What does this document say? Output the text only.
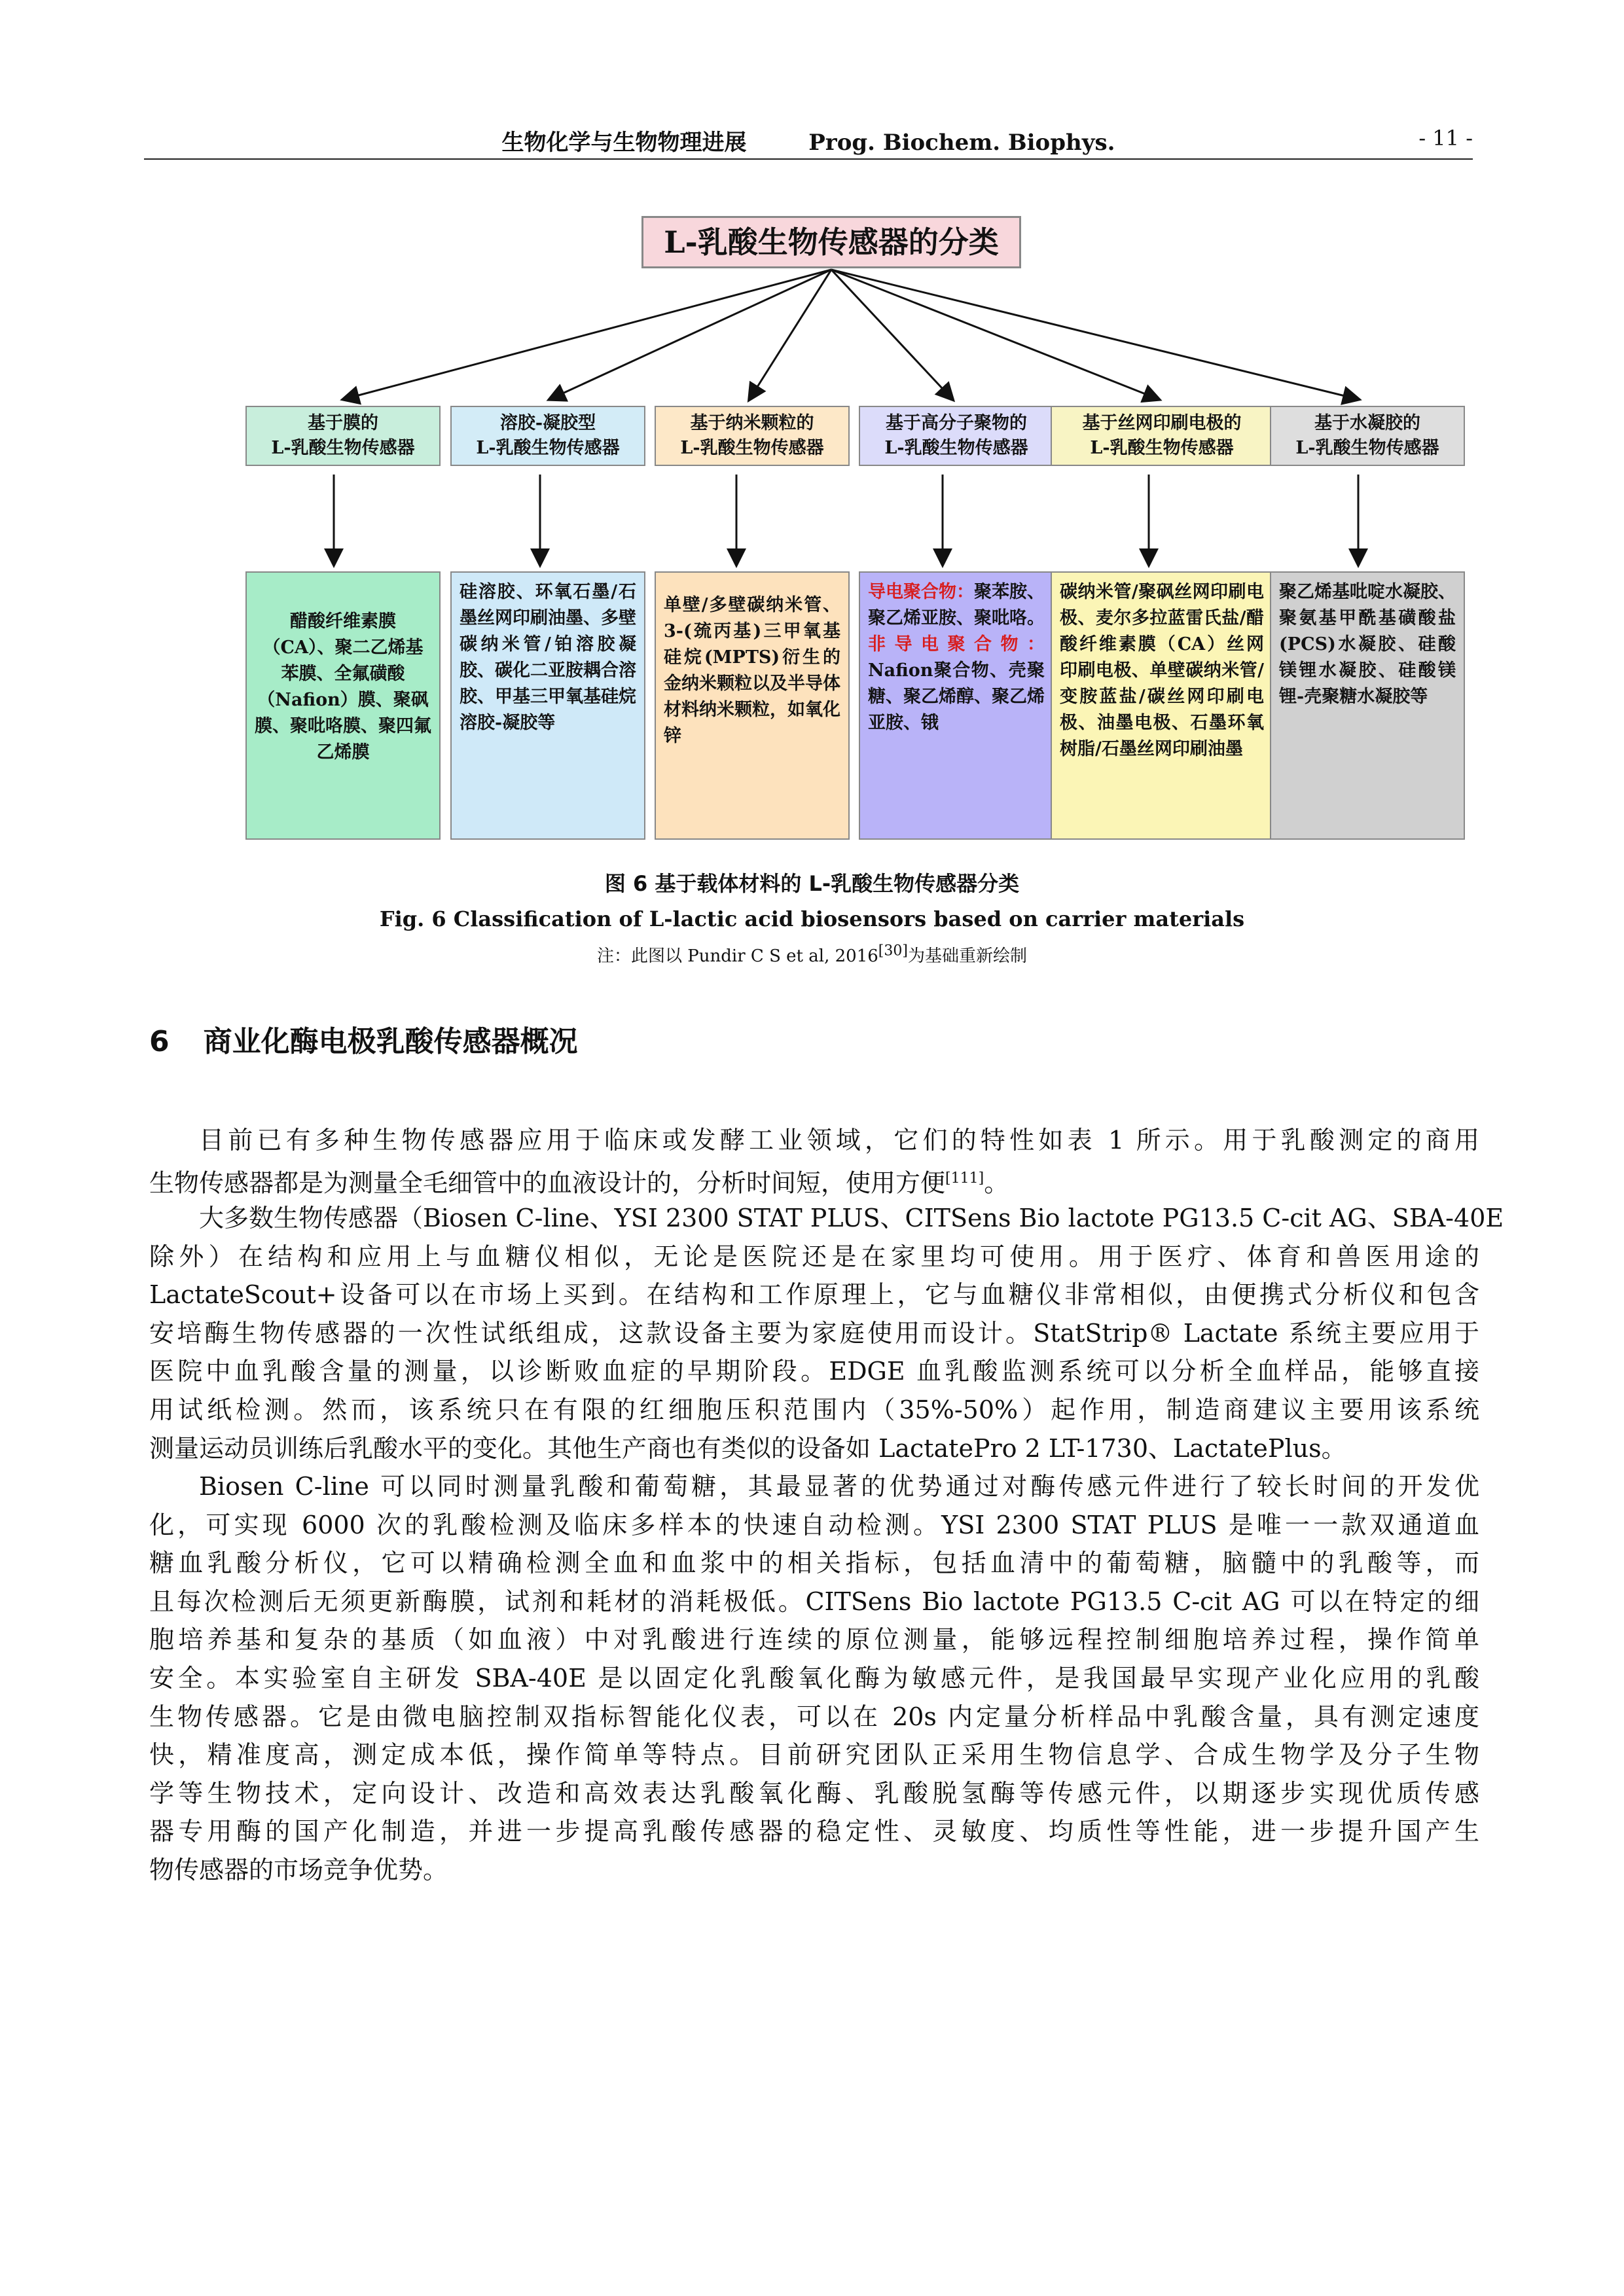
生物化学与生物物理进展        Prog. Biochem. Biophys.	- 11 -
L-乳酸生物传感器的分类
基于膜的
L-乳酸生物传感器
溶胶-凝胶型
L-乳酸生物传感器
基于纳米颗粒的
L-乳酸生物传感器
基于高分子聚物的
L-乳酸生物传感器
基于丝网印刷电极的
L-乳酸生物传感器
基于水凝胶的
L-乳酸生物传感器
醋酸纤维素膜（CA）、聚二乙烯基苯膜、全氟磺酸（Nafion）膜、聚砜膜、聚吡咯膜、聚四氟乙烯膜
硅溶胶、环氧石墨/石墨丝网印刷油墨、多壁碳纳米管/铂溶胶凝胶、碳化二亚胺耦合溶胶、甲基三甲氧基硅烷溶胶-凝胶等
单壁/多壁碳纳米管、3-(巯丙基)三甲氧基硅烷(MPTS)衍生的金纳米颗粒以及半导体材料纳米颗粒，如氧化锌
导电聚合物：聚苯胺、聚乙烯亚胺、聚吡咯。
非导电聚合物：Nafion聚合物、壳聚糖、聚乙烯醇、聚乙烯亚胺、锇
碳纳米管/聚砜丝网印刷电极、麦尔多拉蓝雷氏盐/醋酸纤维素膜（CA）丝网印刷电极、单壁碳纳米管/变胺蓝盐/碳丝网印刷电极、油墨电极、石墨环氧树脂/石墨丝网印刷油墨
聚乙烯基吡啶水凝胶、聚氨基甲酰基磺酸盐(PCS)水凝胶、硅酸镁锂水凝胶、硅酸镁锂-壳聚糖水凝胶等
图 6 基于载体材料的 L-乳酸生物传感器分类
Fig. 6 Classification of L-lactic acid biosensors based on carrier materials
注：此图以 Pundir C S et al, 2016[30]为基础重新绘制
6 商业化酶电极乳酸传感器概况
目前已有多种生物传感器应用于临床或发酵工业领域，它们的特性如表 1 所示。用于乳酸测定的商用
生物传感器都是为测量全毛细管中的血液设计的，分析时间短，使用方便[111]。
大多数生物传感器（Biosen C-line、YSI 2300 STAT PLUS、CITSens Bio lactote PG13.5 C-cit AG、SBA-40E
除外）在结构和应用上与血糖仪相似，无论是医院还是在家里均可使用。用于医疗、体育和兽医用途的
LactateScout+设备可以在市场上买到。在结构和工作原理上，它与血糖仪非常相似，由便携式分析仪和包含
安培酶生物传感器的一次性试纸组成，这款设备主要为家庭使用而设计。StatStrip® Lactate 系统主要应用于
医院中血乳酸含量的测量，以诊断败血症的早期阶段。EDGE 血乳酸监测系统可以分析全血样品，能够直接
用试纸检测。然而，该系统只在有限的红细胞压积范围内（35%-50%）起作用，制造商建议主要用该系统
测量运动员训练后乳酸水平的变化。其他生产商也有类似的设备如 LactatePro 2 LT-1730、LactatePlus。
Biosen C-line 可以同时测量乳酸和葡萄糖，其最显著的优势通过对酶传感元件进行了较长时间的开发优
化，可实现 6000 次的乳酸检测及临床多样本的快速自动检测。YSI 2300 STAT PLUS 是唯一一款双通道血
糖血乳酸分析仪，它可以精确检测全血和血浆中的相关指标，包括血清中的葡萄糖，脑髓中的乳酸等，而
且每次检测后无须更新酶膜，试剂和耗材的消耗极低。CITSens Bio lactote PG13.5 C-cit AG 可以在特定的细
胞培养基和复杂的基质（如血液）中对乳酸进行连续的原位测量，能够远程控制细胞培养过程，操作简单
安全。本实验室自主研发 SBA-40E 是以固定化乳酸氧化酶为敏感元件，是我国最早实现产业化应用的乳酸
生物传感器。它是由微电脑控制双指标智能化仪表，可以在 20s 内定量分析样品中乳酸含量，具有测定速度
快，精准度高，测定成本低，操作简单等特点。目前研究团队正采用生物信息学、合成生物学及分子生物
学等生物技术，定向设计、改造和高效表达乳酸氧化酶、乳酸脱氢酶等传感元件，以期逐步实现优质传感
器专用酶的国产化制造，并进一步提高乳酸传感器的稳定性、灵敏度、均质性等性能，进一步提升国产生
物传感器的市场竞争优势。
